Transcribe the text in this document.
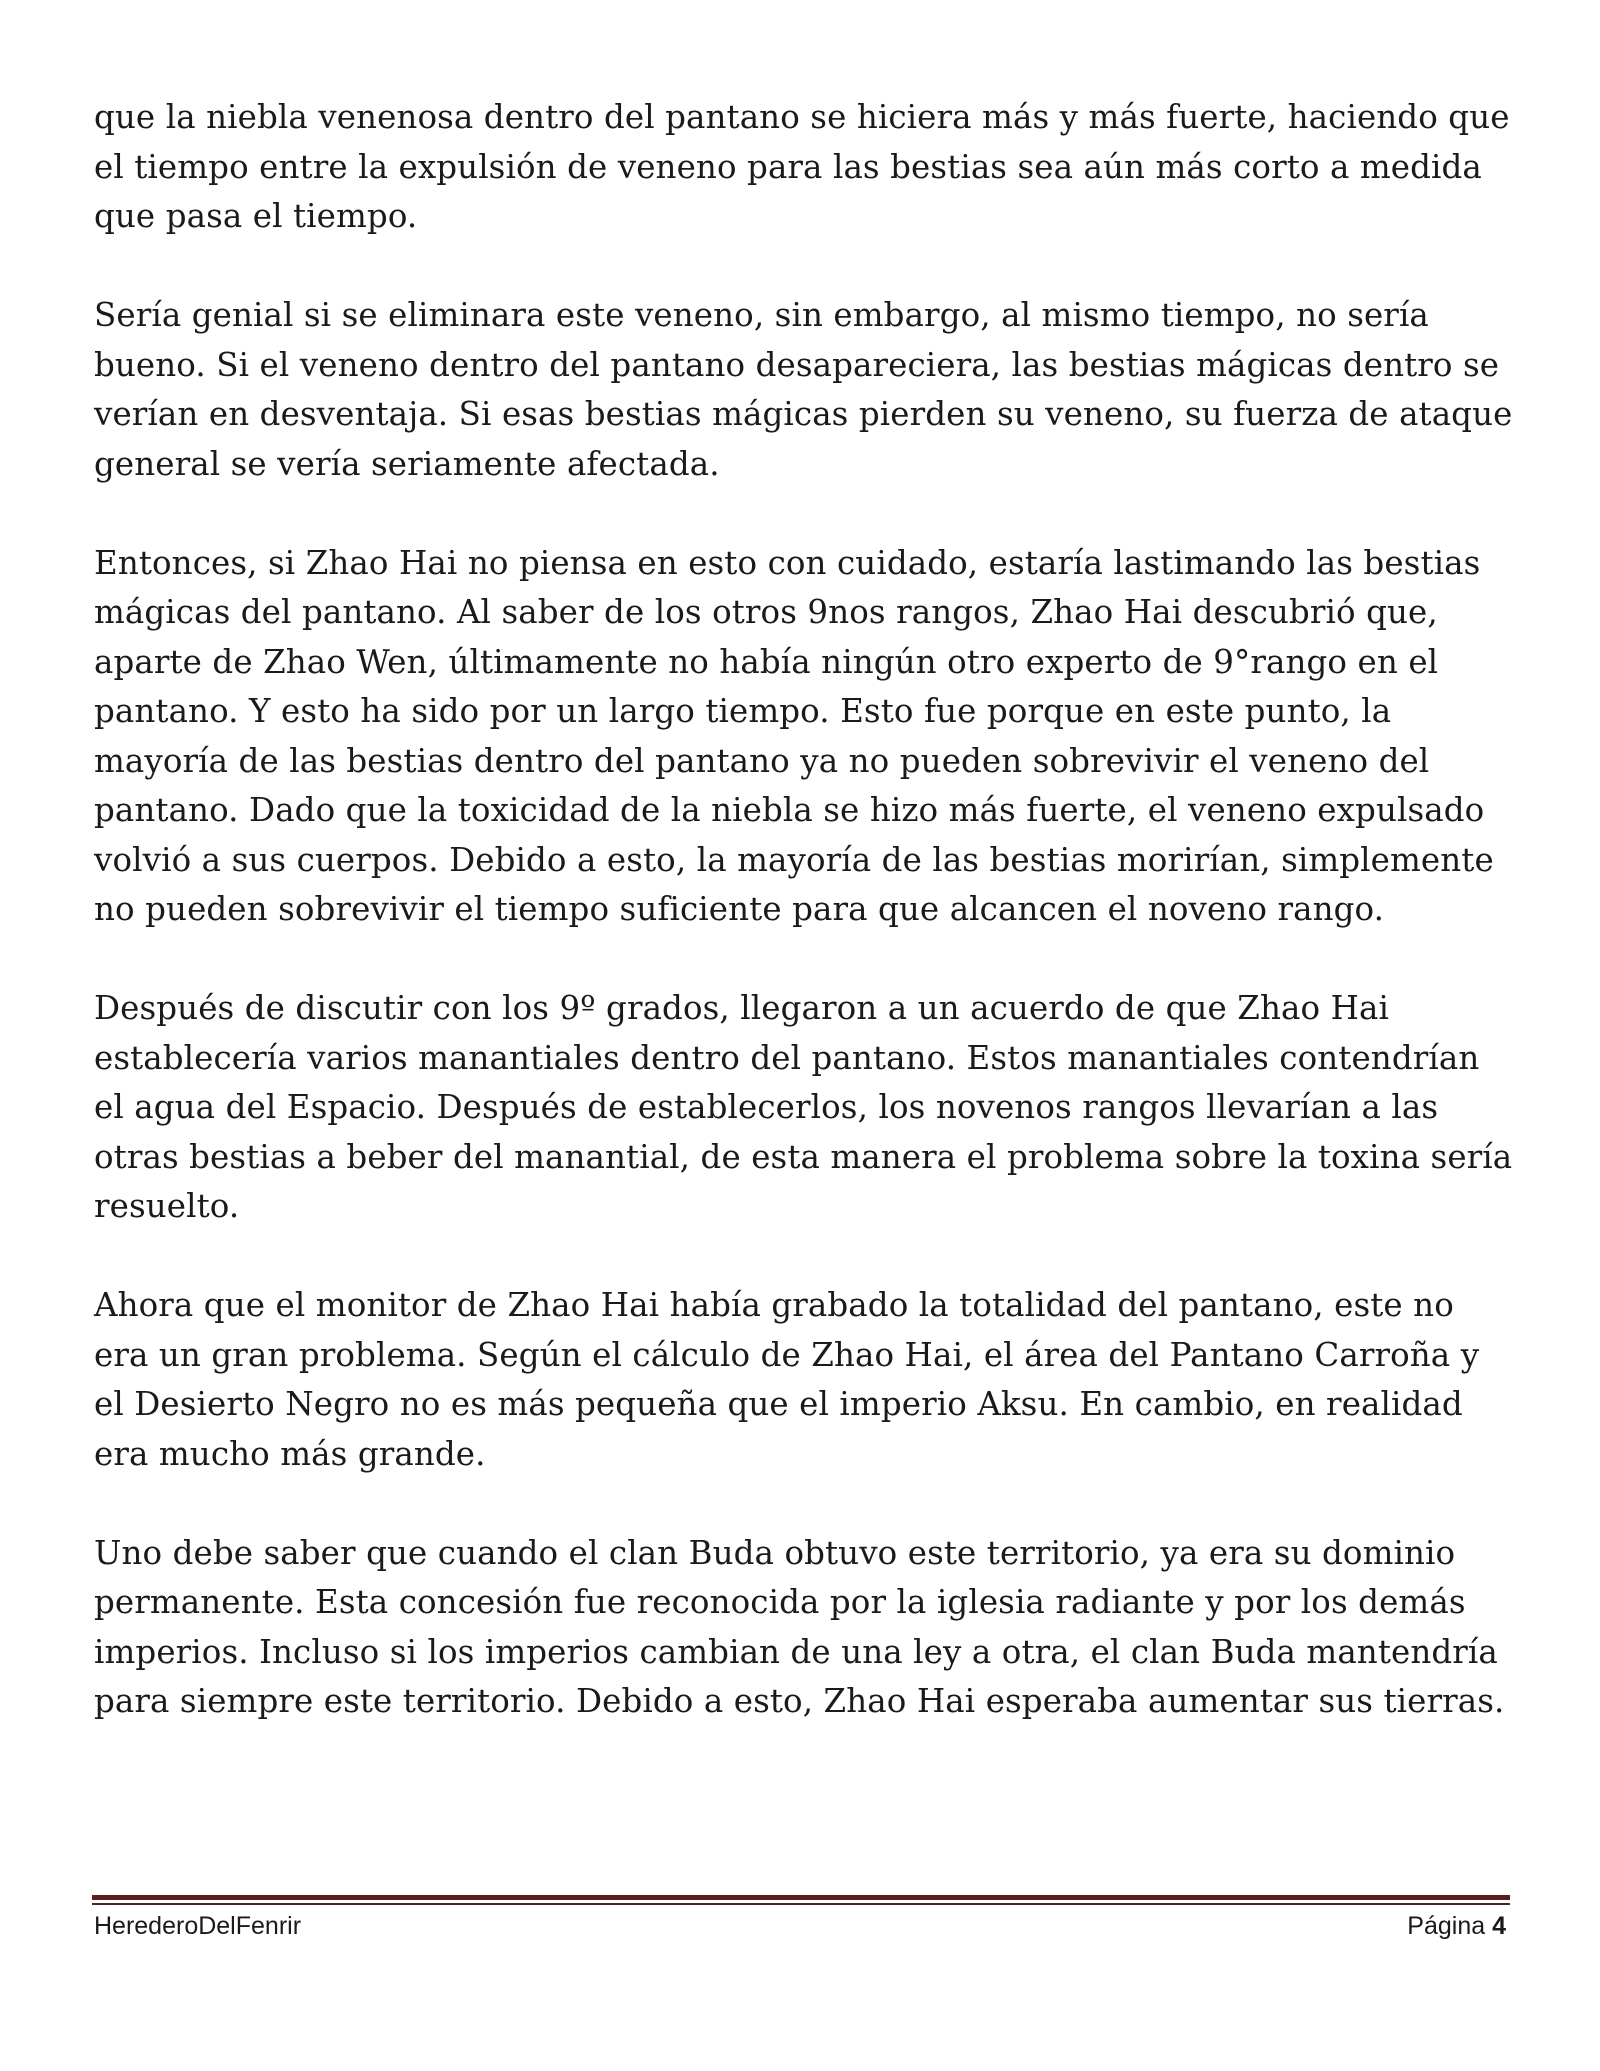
que la niebla venenosa dentro del pantano se hiciera más y más fuerte, haciendo que el tiempo entre la expulsión de veneno para las bestias sea aún más corto a medida que pasa el tiempo.

Sería genial si se eliminara este veneno, sin embargo, al mismo tiempo, no sería bueno. Si el veneno dentro del pantano desapareciera, las bestias mágicas dentro se verían en desventaja. Si esas bestias mágicas pierden su veneno, su fuerza de ataque general se vería seriamente afectada.

Entonces, si Zhao Hai no piensa en esto con cuidado, estaría lastimando las bestias mágicas del pantano. Al saber de los otros 9nos rangos, Zhao Hai descubrió que, aparte de Zhao Wen, últimamente no había ningún otro experto de 9°rango en el pantano. Y esto ha sido por un largo tiempo. Esto fue porque en este punto, la mayoría de las bestias dentro del pantano ya no pueden sobrevivir el veneno del pantano. Dado que la toxicidad de la niebla se hizo más fuerte, el veneno expulsado volvió a sus cuerpos. Debido a esto, la mayoría de las bestias morirían, simplemente no pueden sobrevivir el tiempo suficiente para que alcancen el noveno rango.

Después de discutir con los 9º grados, llegaron a un acuerdo de que Zhao Hai establecería varios manantiales dentro del pantano. Estos manantiales contendrían el agua del Espacio. Después de establecerlos, los novenos rangos llevarían a las otras bestias a beber del manantial, de esta manera el problema sobre la toxina sería resuelto.

Ahora que el monitor de Zhao Hai había grabado la totalidad del pantano, este no era un gran problema. Según el cálculo de Zhao Hai, el área del Pantano Carroña y el Desierto Negro no es más pequeña que el imperio Aksu. En cambio, en realidad era mucho más grande.

Uno debe saber que cuando el clan Buda obtuvo este territorio, ya era su dominio permanente. Esta concesión fue reconocida por la iglesia radiante y por los demás imperios. Incluso si los imperios cambian de una ley a otra, el clan Buda mantendría para siempre este territorio. Debido a esto, Zhao Hai esperaba aumentar sus tierras.

HerederoDelFenrir	Página 4
